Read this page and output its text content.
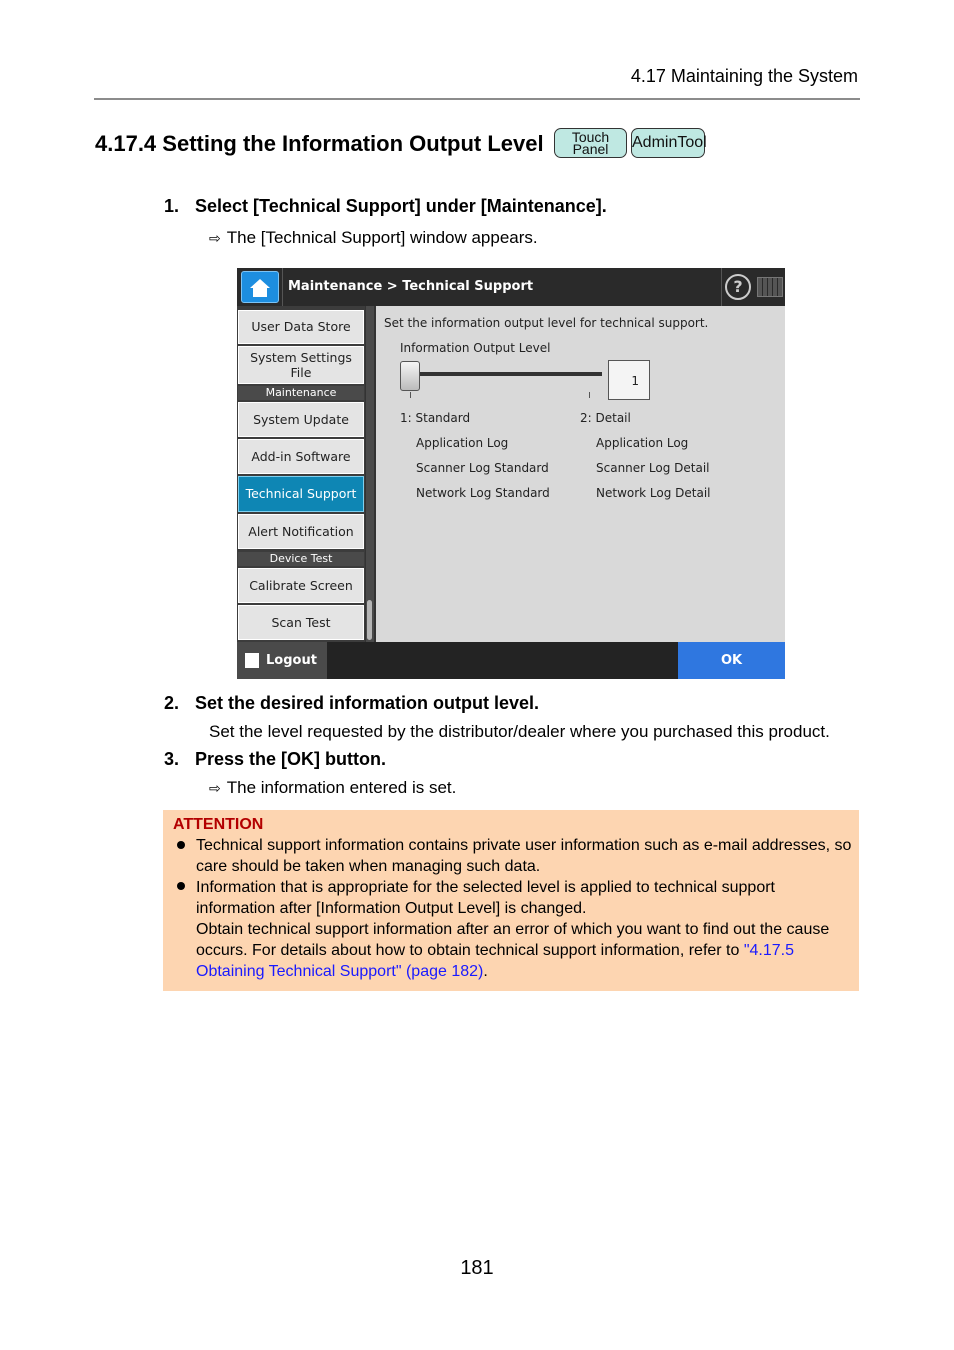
4.17 Maintaining the System
4.17.4 Setting the Information Output Level	Touch
Panel	AdminTool
1. Select [Technical Support] under [Maintenance].
⇨ The [Technical Support] window appears.
Maintenance > Technical Support	?
User Data Store
System Settings File
Maintenance
System Update
Add-in Software
Technical Support
Alert Notification
Device Test
Calibrate Screen
Scan Test
Set the information output level for technical support.
Information Output Level
1
1: Standard
Application Log
Scanner Log Standard
Network Log Standard
2: Detail
Application Log
Scanner Log Detail
Network Log Detail
Logout	OK
2. Set the desired information output level.
Set the level requested by the distributor/dealer where you purchased this product.
3. Press the [OK] button.
⇨ The information entered is set.
ATTENTION
Technical support information contains private user information such as e-mail addresses, so care should be taken when managing such data.
Information that is appropriate for the selected level is applied to technical support information after [Information Output Level] is changed.
Obtain technical support information after an error of which you want to find out the cause occurs. For details about how to obtain technical support information, refer to "4.17.5 Obtaining Technical Support" (page 182).
181
